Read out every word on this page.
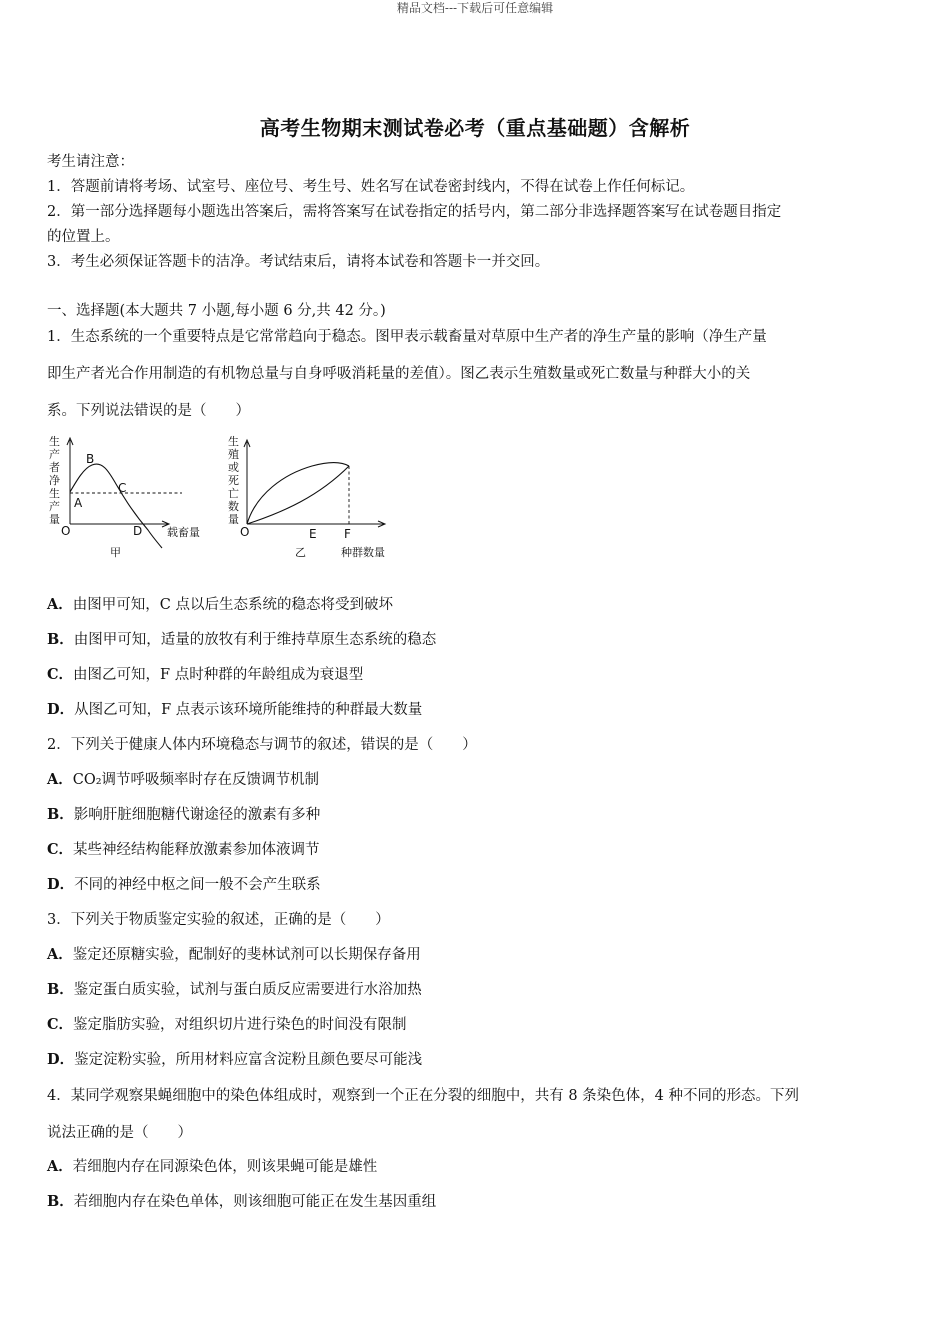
精品文档---下载后可任意编辑
高考生物期末测试卷必考（重点基础题）含解析
考生请注意：
1．答题前请将考场、试室号、座位号、考生号、姓名写在试卷密封线内，不得在试卷上作任何标记。
2．第一部分选择题每小题选出答案后，需将答案写在试卷指定的括号内，第二部分非选择题答案写在试卷题目指定
的位置上。
3．考生必须保证答题卡的洁净。考试结束后，请将本试卷和答题卡一并交回。
一、选择题(本大题共 7 小题,每小题 6 分,共 42 分。)
1．生态系统的一个重要特点是它常常趋向于稳态。图甲表示载畜量对草原中生产者的净生产量的影响（净生产量
即生产者光合作用制造的有机物总量与自身呼吸消耗量的差值）。图乙表示生殖数量或死亡数量与种群大小的关
系。下列说法错误的是（　　）
生
产
者
净
生
产
量
A
B
C
D
O	载畜量
甲
生
殖
或
死
亡
数
量
O	E F
乙	种群数量
A．由图甲可知，C 点以后生态系统的稳态将受到破坏
B．由图甲可知，适量的放牧有利于维持草原生态系统的稳态
C．由图乙可知，F 点时种群的年龄组成为衰退型
D．从图乙可知，F 点表示该环境所能维持的种群最大数量
2．下列关于健康人体内环境稳态与调节的叙述，错误的是（　　）
A．CO₂调节呼吸频率时存在反馈调节机制
B．影响肝脏细胞糖代谢途径的激素有多种
C．某些神经结构能释放激素参加体液调节
D．不同的神经中枢之间一般不会产生联系
3．下列关于物质鉴定实验的叙述，正确的是（　　）
A．鉴定还原糖实验，配制好的斐林试剂可以长期保存备用
B．鉴定蛋白质实验，试剂与蛋白质反应需要进行水浴加热
C．鉴定脂肪实验，对组织切片进行染色的时间没有限制
D．鉴定淀粉实验，所用材料应富含淀粉且颜色要尽可能浅
4．某同学观察果蝇细胞中的染色体组成时，观察到一个正在分裂的细胞中，共有 8 条染色体，4 种不同的形态。下列
说法正确的是（　　）
A．若细胞内存在同源染色体，则该果蝇可能是雄性
B．若细胞内存在染色单体，则该细胞可能正在发生基因重组
